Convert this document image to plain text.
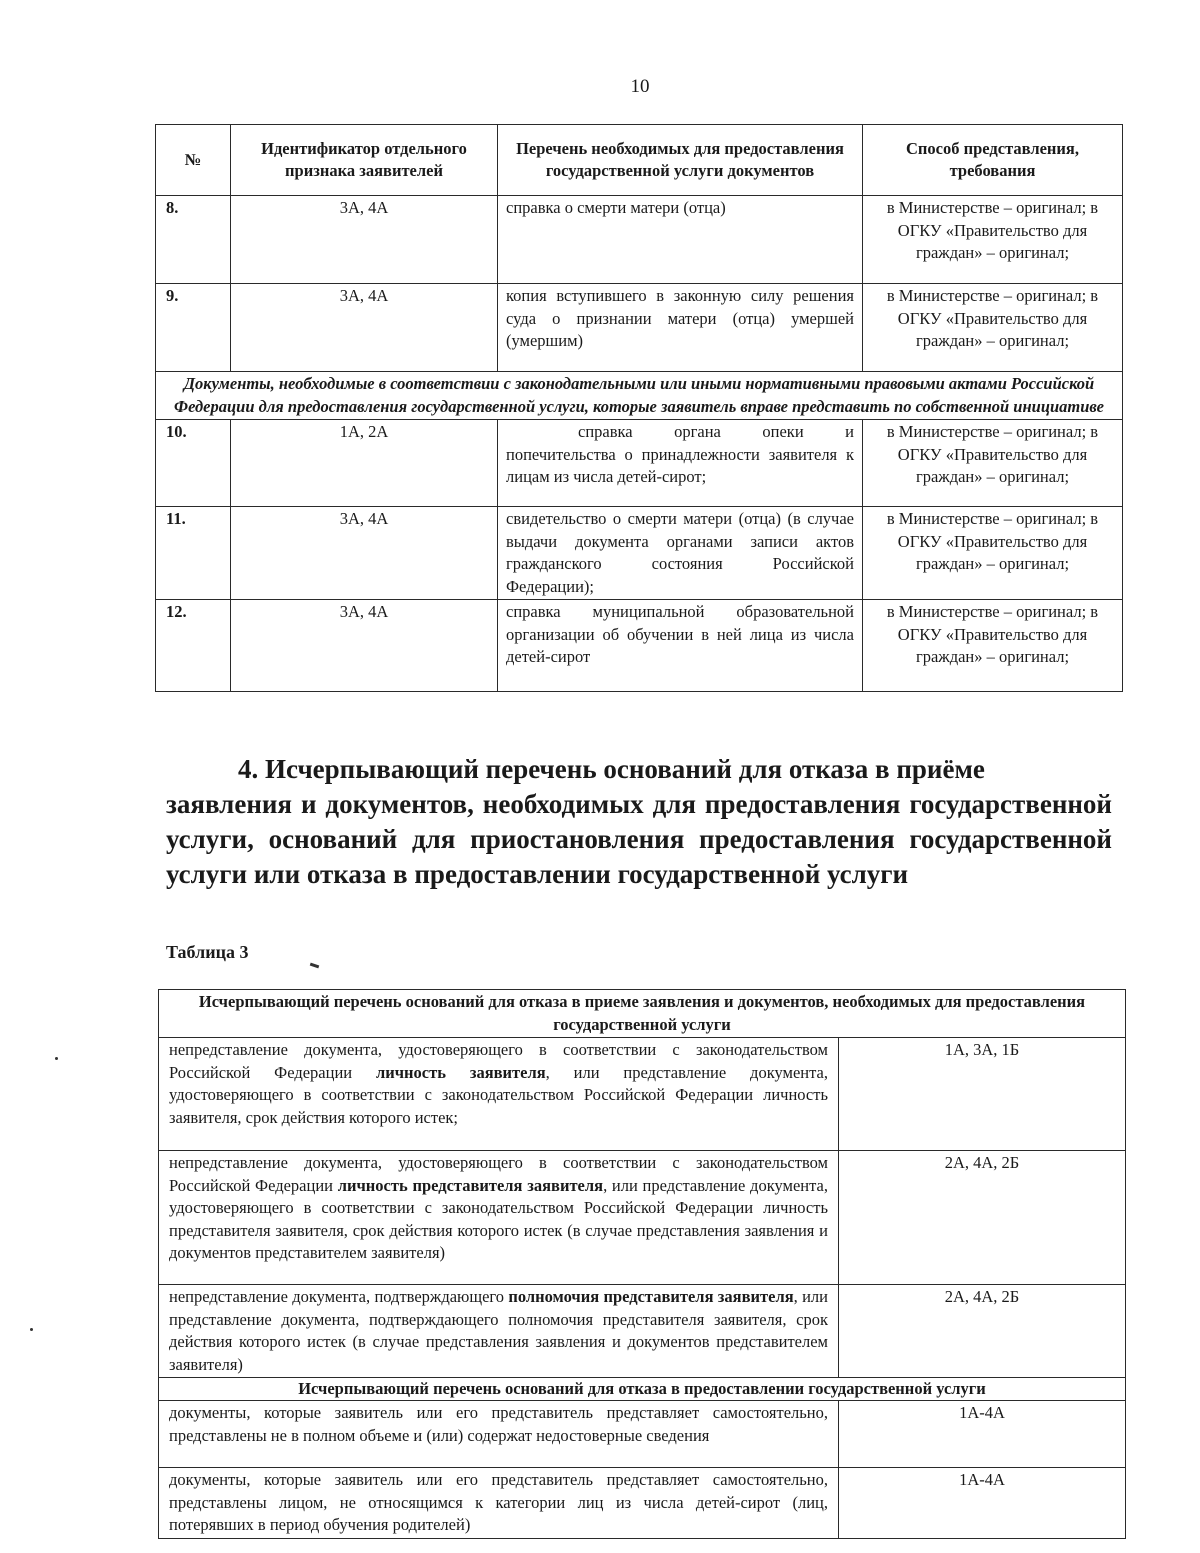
10
№	Идентификатор отдельного признака заявителей	Перечень необходимых для предоставления государственной услуги документов	Способ представления, требования
8.	3А, 4А	справка о смерти матери (отца)	в Министерстве – оригинал; в ОГКУ «Правительство для граждан» – оригинал;
9.	3А, 4А	копия вступившего в законную силу решения суда о признании матери (отца) умершей (умершим)	в Министерстве – оригинал; в ОГКУ «Правительство для граждан» – оригинал;
Документы, необходимые в соответствии с законодательными или иными нормативными правовыми актами Российской Федерации для предоставления государственной услуги, которые заявитель вправе представить по собственной инициативе			
10.	1А, 2А	справка органа опеки и попечительства о принадлежности заявителя к лицам из числа детей-сирот;	в Министерстве – оригинал; в ОГКУ «Правительство для граждан» – оригинал;
11.	3А, 4А	свидетельство о смерти матери (отца) (в случае выдачи документа органами записи актов гражданского состояния Российской Федерации);	в Министерстве – оригинал; в ОГКУ «Правительство для граждан» – оригинал;
12.	3А, 4А	справка муниципальной образовательной организации об обучении в ней лица из числа детей-сирот	в Министерстве – оригинал; в ОГКУ «Правительство для граждан» – оригинал;
4. Исчерпывающий перечень оснований для отказа в приёме
заявления и документов, необходимых для предоставления государственной услуги, оснований для приостановления предоставления государственной услуги или отказа в предоставлении государственной услуги
Таблица 3
Исчерпывающий перечень оснований для отказа в приеме заявления и документов, необходимых для предоставления государственной услуги	
непредставление документа, удостоверяющего в соответствии с законодательством Российской Федерации личность заявителя, или представление документа, удостоверяющего в соответствии с законодательством Российской Федерации личность заявителя, срок действия которого истек;	1А, 3А, 1Б
непредставление документа, удостоверяющего в соответствии с законодательством Российской Федерации личность представителя заявителя, или представление документа, удостоверяющего в соответствии с законодательством Российской Федерации личность представителя заявителя, срок действия которого истек (в случае представления заявления и документов представителем заявителя)	2А, 4А, 2Б
непредставление документа, подтверждающего полномочия представителя заявителя, или представление документа, подтверждающего полномочия представителя заявителя, срок действия которого истек (в случае представления заявления и документов представителем заявителя)	2А, 4А, 2Б
Исчерпывающий перечень оснований для отказа в предоставлении государственной услуги	
документы, которые заявитель или его представитель представляет самостоятельно, представлены не в полном объеме и (или) содержат недостоверные сведения	1А-4А
документы, которые заявитель или его представитель представляет самостоятельно, представлены лицом, не относящимся к категории лиц из числа детей-сирот (лиц, потерявших в период обучения родителей)	1А-4А
